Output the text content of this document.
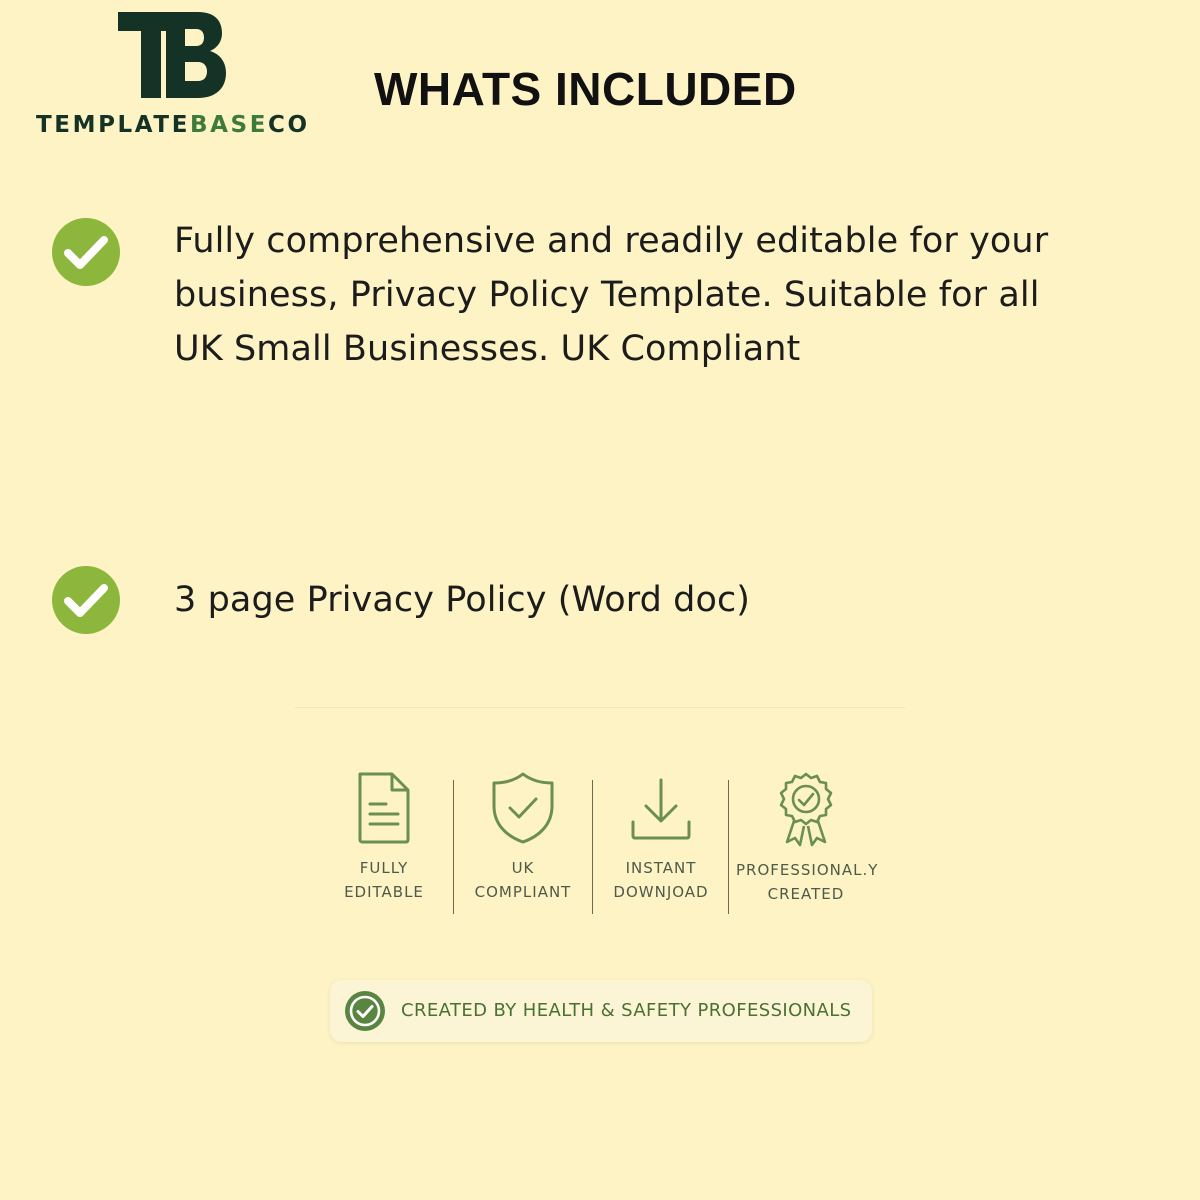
TEMPLATEBASECO
WHATS INCLUDED
Fully comprehensive and readily editable for your business, Privacy Policy Template. Suitable for all UK Small Businesses. UK Compliant
3 page Privacy Policy (Word doc)
FULLY
EDITABLE
UK
COMPLIANT
INSTANT
DOWNJOAD
PROFESSIONAL.Y
CREATED
CREATED BY HEALTH & SAFETY PROFESSIONALS
